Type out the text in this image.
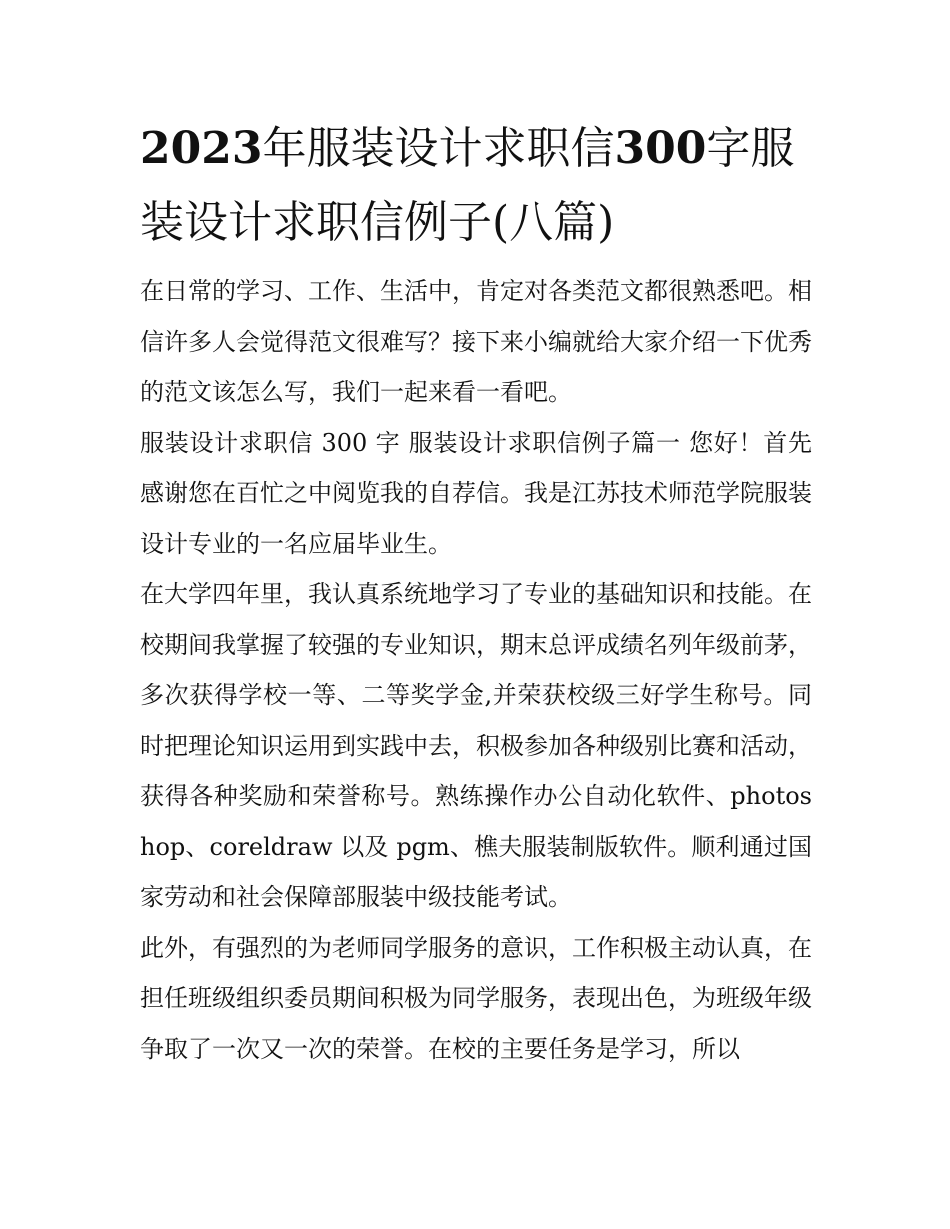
2023年服装设计求职信300字服装设计求职信例子(八篇)

在日常的学习、工作、生活中，肯定对各类范文都很熟悉吧。相信许多人会觉得范文很难写？接下来小编就给大家介绍一下优秀的范文该怎么写，我们一起来看一看吧。

服装设计求职信 300 字 服装设计求职信例子篇一 您好！首先感谢您在百忙之中阅览我的自荐信。我是江苏技术师范学院服装设计专业的一名应届毕业生。

在大学四年里，我认真系统地学习了专业的基础知识和技能。在校期间我掌握了较强的专业知识，期末总评成绩名列年级前茅，多次获得学校一等、二等奖学金,并荣获校级三好学生称号。同时把理论知识运用到实践中去，积极参加各种级别比赛和活动，获得各种奖励和荣誉称号。熟练操作办公自动化软件、photoshop、coreldraw 以及 pgm、樵夫服装制版软件。顺利通过国家劳动和社会保障部服装中级技能考试。

此外，有强烈的为老师同学服务的意识，工作积极主动认真，在担任班级组织委员期间积极为同学服务，表现出色，为班级年级争取了一次又一次的荣誉。在校的主要任务是学习，所以
